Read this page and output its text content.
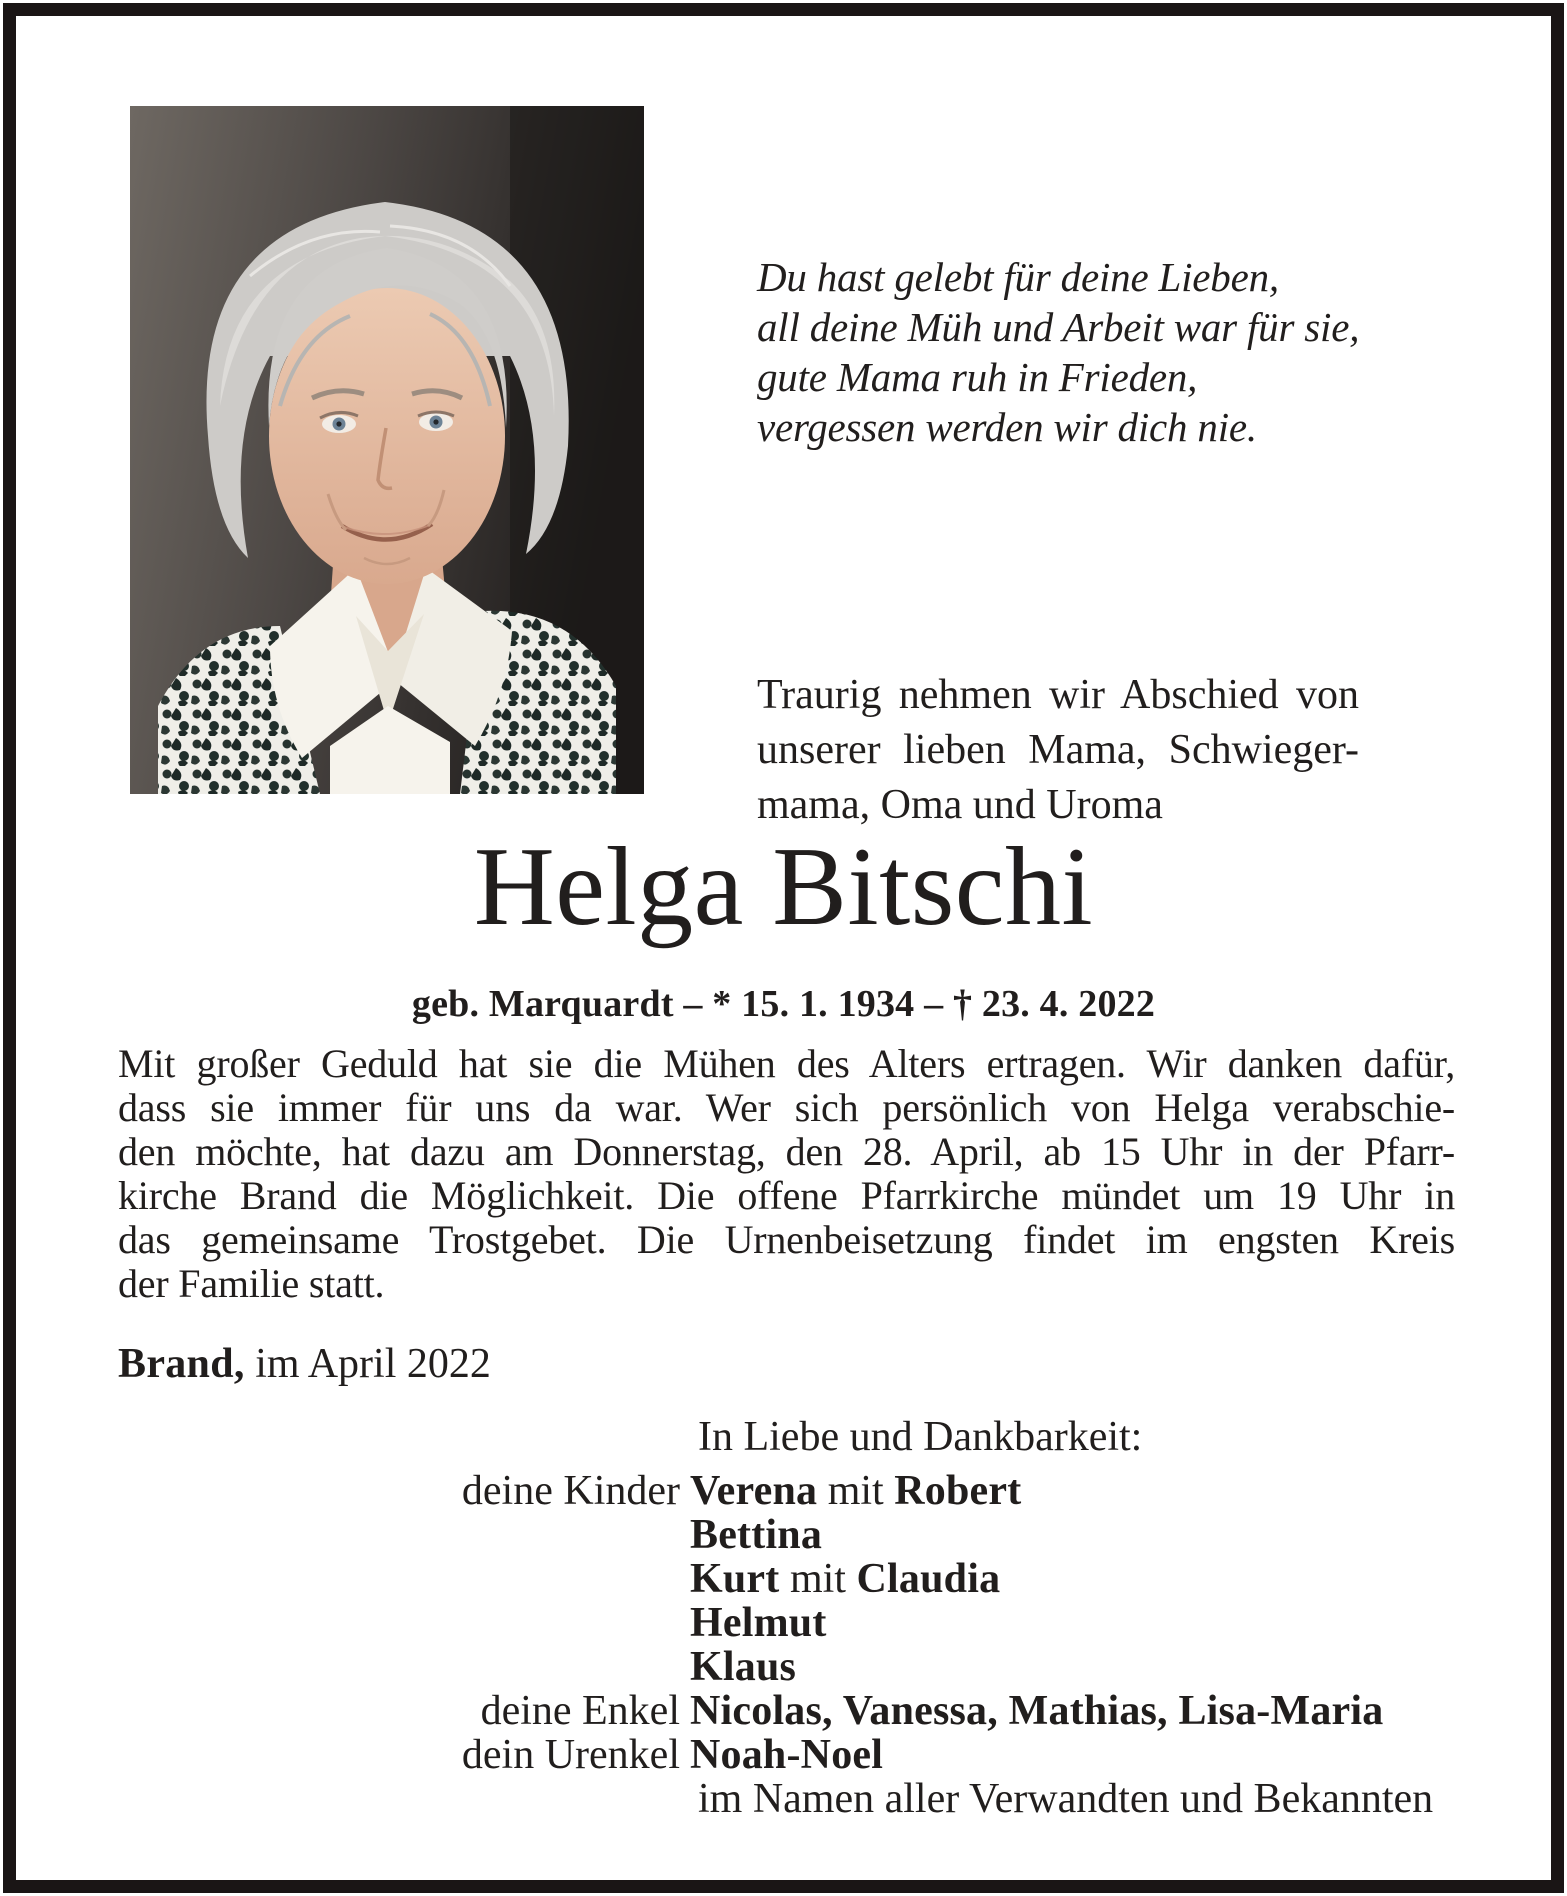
Du hast gelebt für deine Lieben,
all deine Müh und Arbeit war für sie,
gute Mama ruh in Frieden,
vergessen werden wir dich nie.
Traurig nehmen wir Abschied von
unserer lieben Mama, Schwieger-
mama, Oma und Uroma
Helga Bitschi
geb. Marquardt – * 15. 1. 1934 – † 23. 4. 2022
Mit großer Geduld hat sie die Mühen des Alters ertragen. Wir danken dafür,
dass sie immer für uns da war. Wer sich persönlich von Helga verabschie-
den möchte, hat dazu am Donnerstag, den 28. April, ab 15 Uhr in der Pfarr-
kirche Brand die Möglichkeit. Die offene Pfarrkirche mündet um 19 Uhr in
das gemeinsame Trostgebet. Die Urnenbeisetzung findet im engsten Kreis
der Familie statt.
Brand, im April 2022
In Liebe und Dankbarkeit:
deine Kinder Verena mit Robert
Bettina
Kurt mit Claudia
Helmut
Klaus
deine Enkel Nicolas, Vanessa, Mathias, Lisa-Maria
dein Urenkel Noah-Noel
im Namen aller Verwandten und Bekannten
